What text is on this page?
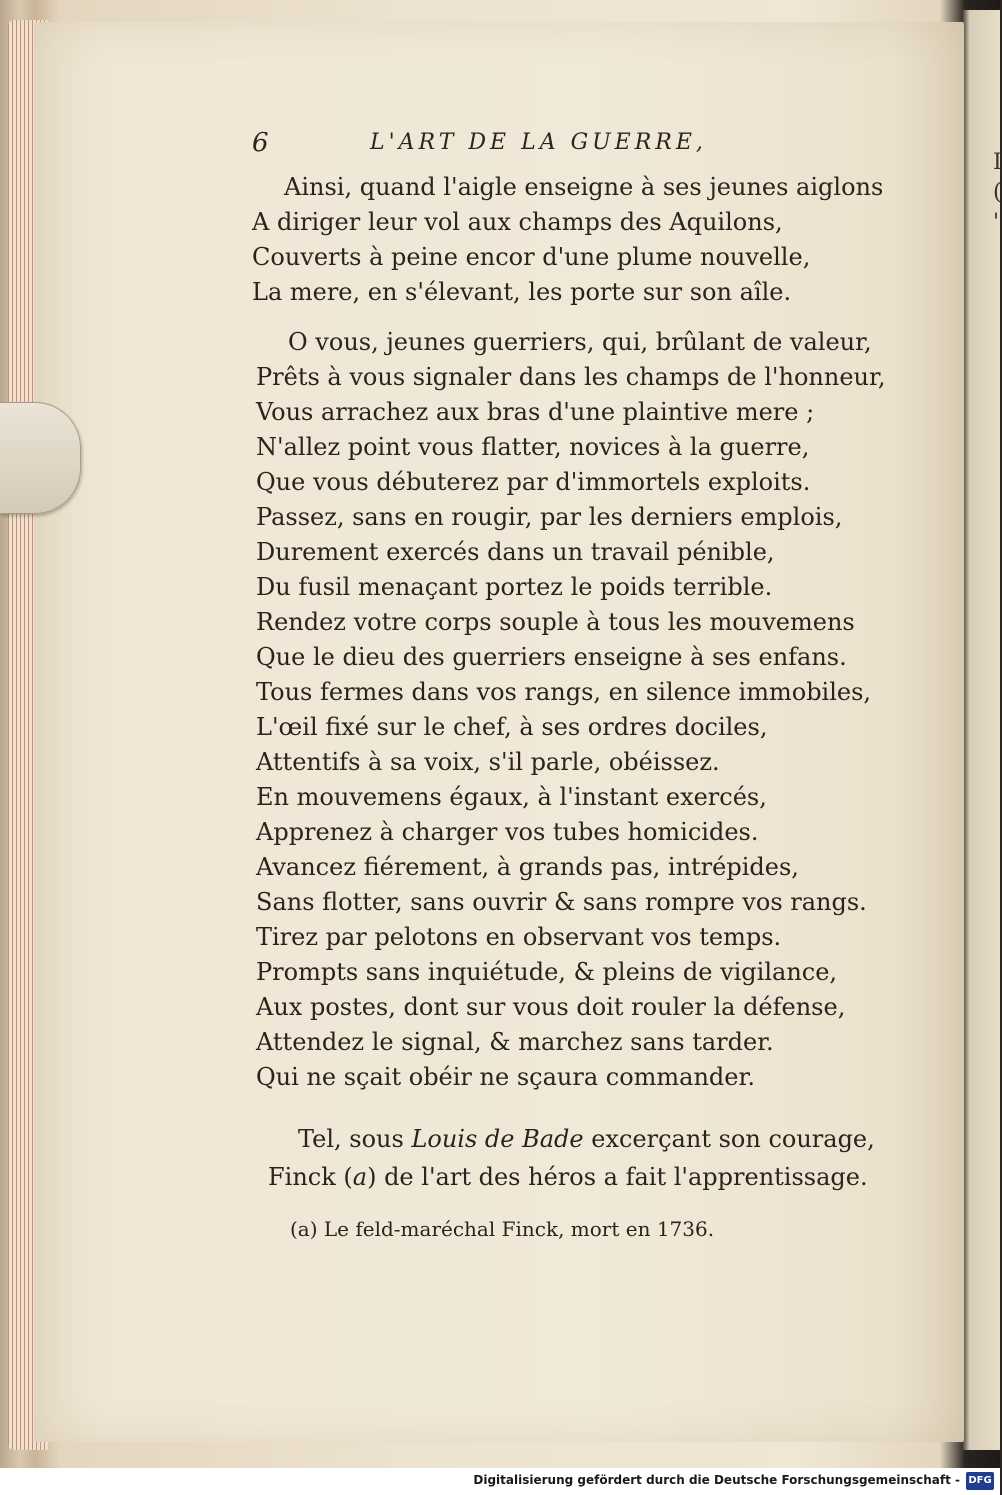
I
(
'
6	L'ART DE LA GUERRE,
Ainsi, quand l'aigle enseigne à ses jeunes aiglons
A diriger leur vol aux champs des Aquilons,
Couverts à peine encor d'une plume nouvelle,
La mere, en s'élevant, les porte sur son aîle.
O vous, jeunes guerriers, qui, brûlant de valeur,
Prêts à vous signaler dans les champs de l'honneur,
Vous arrachez aux bras d'une plaintive mere ;
N'allez point vous flatter, novices à la guerre,
Que vous débuterez par d'immortels exploits.
Passez, sans en rougir, par les derniers emplois,
Durement exercés dans un travail pénible,
Du fusil menaçant portez le poids terrible.
Rendez votre corps souple à tous les mouvemens
Que le dieu des guerriers enseigne à ses enfans.
Tous fermes dans vos rangs, en silence immobiles,
L'œil fixé sur le chef, à ses ordres dociles,
Attentifs à sa voix, s'il parle, obéissez.
En mouvemens égaux, à l'instant exercés,
Apprenez à charger vos tubes homicides.
Avancez fiérement, à grands pas, intrépides,
Sans flotter, sans ouvrir & sans rompre vos rangs.
Tirez par pelotons en observant vos temps.
Prompts sans inquiétude, & pleins de vigilance,
Aux postes, dont sur vous doit rouler la défense,
Attendez le signal, & marchez sans tarder.
Qui ne sçait obéir ne sçaura commander.
Tel, sous Louis de Bade excerçant son courage,
Finck (a) de l'art des héros a fait l'apprentissage.
(a) Le feld-maréchal Finck, mort en 1736.
Digitalisierung gefördert durch die Deutsche Forschungsgemeinschaft - DFG
